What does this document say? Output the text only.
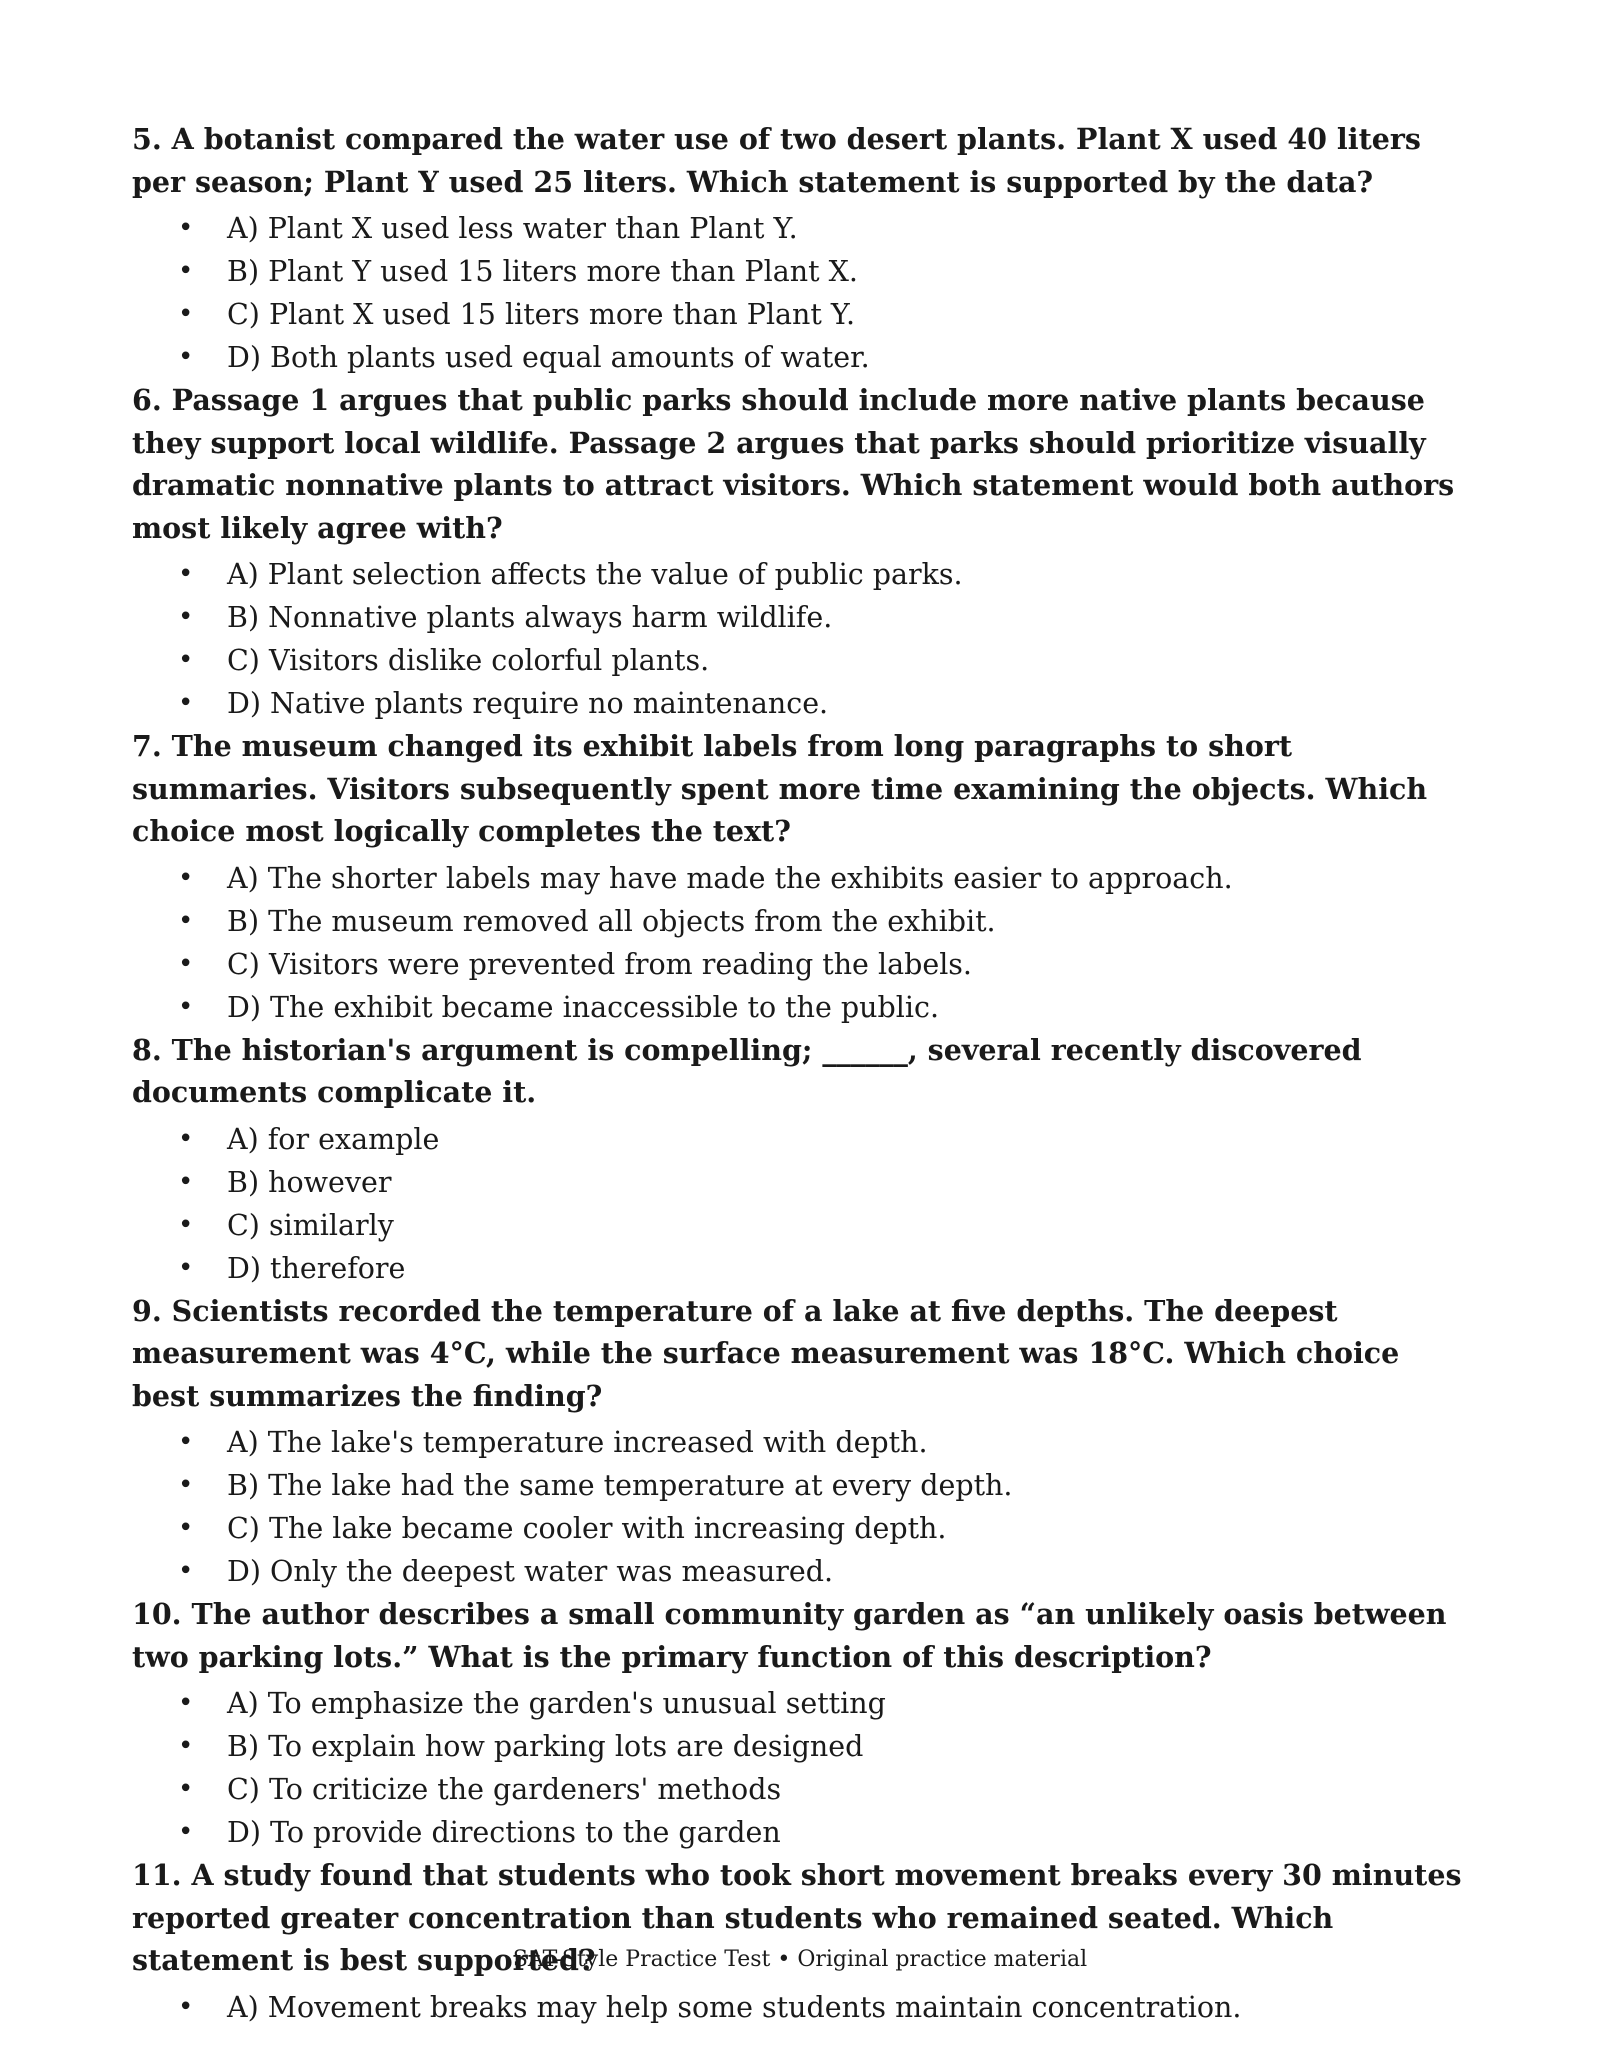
5. A botanist compared the water use of two desert plants. Plant X used 40 liters per season; Plant Y used 25 liters. Which statement is supported by the data?

• A) Plant X used less water than Plant Y.
• B) Plant Y used 15 liters more than Plant X.
• C) Plant X used 15 liters more than Plant Y.
• D) Both plants used equal amounts of water.

6. Passage 1 argues that public parks should include more native plants because they support local wildlife. Passage 2 argues that parks should prioritize visually dramatic nonnative plants to attract visitors. Which statement would both authors most likely agree with?

• A) Plant selection affects the value of public parks.
• B) Nonnative plants always harm wildlife.
• C) Visitors dislike colorful plants.
• D) Native plants require no maintenance.

7. The museum changed its exhibit labels from long paragraphs to short summaries. Visitors subsequently spent more time examining the objects. Which choice most logically completes the text?

• A) The shorter labels may have made the exhibits easier to approach.
• B) The museum removed all objects from the exhibit.
• C) Visitors were prevented from reading the labels.
• D) The exhibit became inaccessible to the public.

8. The historian's argument is compelling; ______, several recently discovered documents complicate it.

• A) for example
• B) however
• C) similarly
• D) therefore

9. Scientists recorded the temperature of a lake at five depths. The deepest measurement was 4°C, while the surface measurement was 18°C. Which choice best summarizes the finding?

• A) The lake's temperature increased with depth.
• B) The lake had the same temperature at every depth.
• C) The lake became cooler with increasing depth.
• D) Only the deepest water was measured.

10. The author describes a small community garden as “an unlikely oasis between two parking lots.” What is the primary function of this description?

• A) To emphasize the garden's unusual setting
• B) To explain how parking lots are designed
• C) To criticize the gardeners' methods
• D) To provide directions to the garden

11. A study found that students who took short movement breaks every 30 minutes reported greater concentration than students who remained seated. Which statement is best supported?

• A) Movement breaks may help some students maintain concentration.
SAT-Style Practice Test • Original practice material
